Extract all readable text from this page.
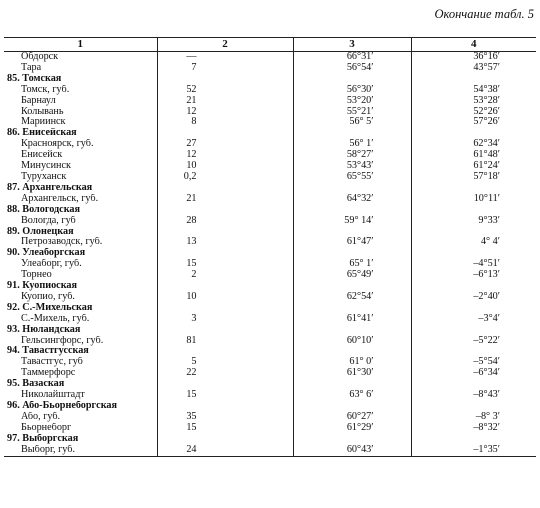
Окончание табл. 5
1	2	3	4
Обдорск	—	66°31′	36°16′
Тара	7	56°54′	43°57′
85. Томская			
Томск, губ.	52	56°30′	54°38′
Барнаул	21	53°20′	53°28′
Колывань	12	55°21′	52°26′
Мариинск	8	56° 5′	57°26′
86. Енисейская			
Красноярск, губ.	27	56° 1′	62°34′
Енисейск	12	58°27′	61°48′
Минусинск	10	53°43′	61°24′
Туруханск	0,2	65°55′	57°18′
87. Архангельская			
Архангельск, губ.	21	64°32′	10°11′
88. Вологодская			
Вологда, губ	28	59° 14′	9°33′
89. Олонецкая			
Петрозаводск, губ.	13	61°47′	4° 4′
90. Улеаборгская			
Улеаборг, губ.	15	65° 1′	–4°51′
Торнео	2	65°49′	–6°13′
91. Куопиоская			
Куопио, губ.	10	62°54′	–2°40′
92. С.-Михельская			
С.-Михель, губ.	3	61°41′	–3°4′
93. Нюландская			
Гельсингфорс, губ.	81	60°10′	–5°22′
94. Тавастгусская			
Тавастгус, губ	5	61° 0′	–5°54′
Таммерфорс	22	61°30′	–6°34′
95. Вазаская			
Николайштадт	15	63° 6′	–8°43′
96. Або-Бьорнеборгская			
Або, губ.	35	60°27′	–8° 3′
Бьорнеборг	15	61°29′	–8°32′
97. Выборгская			
Выборг, губ.	24	60°43′	–1°35′
